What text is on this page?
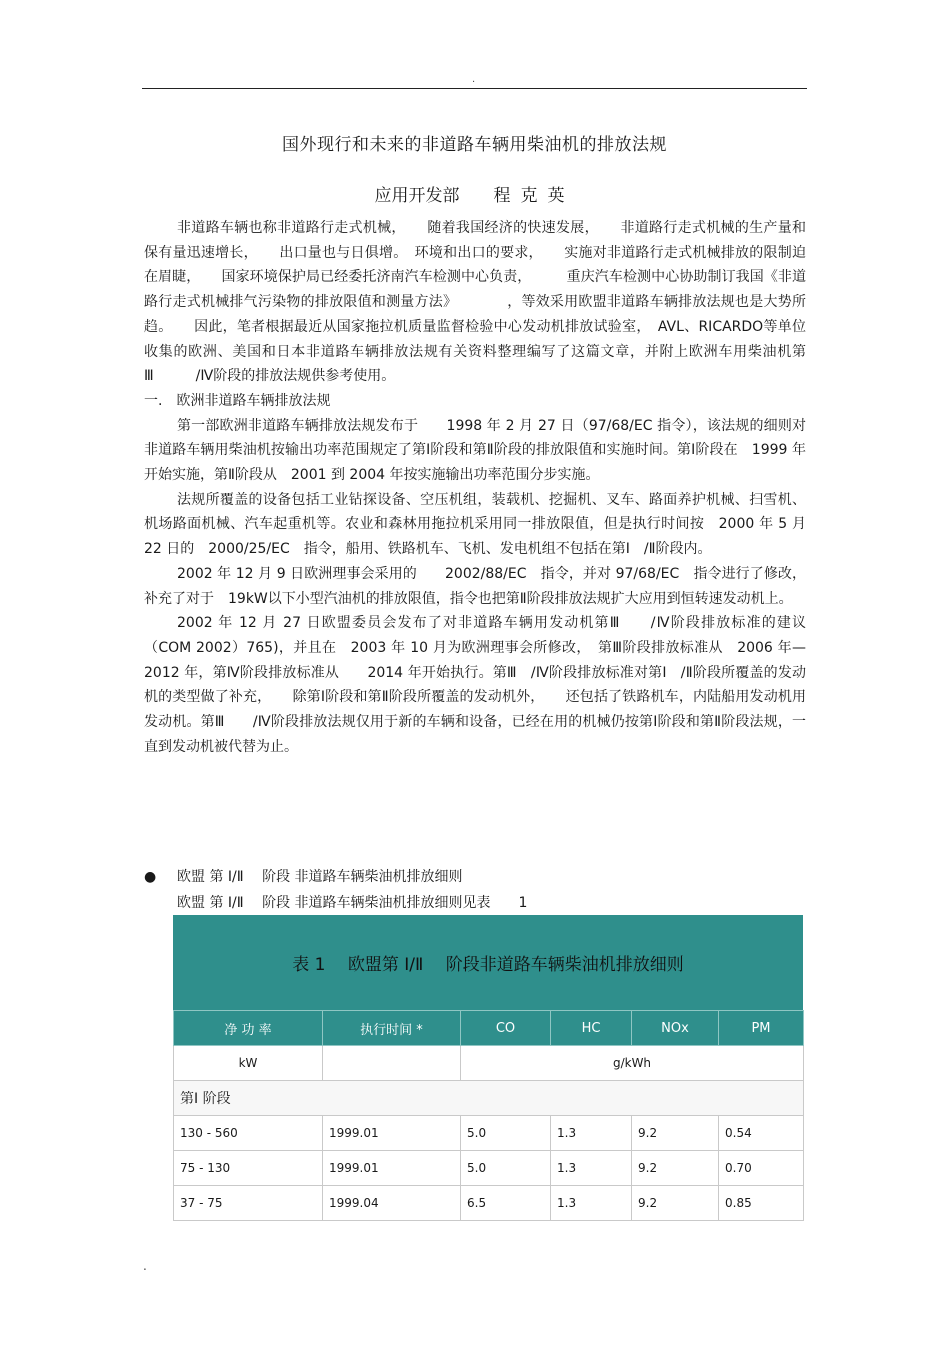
.
国外现行和未来的非道路车辆用柴油机的排放法规
应用开发部 程克英

非道路车辆也称非道路行走式机械，　　随着我国经济的快速发展，　　非道路行走式机械的生产量和保有量迅速增长，　　出口量也与日俱增。　环境和出口的要求，　　实施对非道路行走式机械排放的限制迫在眉睫，　　国家环境保护局已经委托济南汽车检测中心负责，　　　重庆汽车检测中心协助制订我国《非道路行走式机械排气污染物的排放限值和测量方法》　　　　，等效采用欧盟非道路车辆排放法规也是大势所趋。　　因此，笔者根据最近从国家拖拉机质量监督检验中心发动机排放试验室，　AVL、RICARDO等单位收集的欧洲、美国和日本非道路车辆排放法规有关资料整理编写了这篇文章，并附上欧洲车用柴油机第Ⅲ　　　/Ⅳ阶段的排放法规供参考使用。

一.　欧洲非道路车辆排放法规

第一部欧洲非道路车辆排放法规发布于　　1998 年 2 月 27 日（97/68/EC 指令），该法规的细则对非道路车辆用柴油机按输出功率范围规定了第Ⅰ阶段和第Ⅱ阶段的排放限值和实施时间。第Ⅰ阶段在　1999 年开始实施，第Ⅱ阶段从　2001 到 2004 年按实施输出功率范围分步实施。

法规所覆盖的设备包括工业钻探设备、空压机组，装载机、挖掘机、叉车、路面养护机械、扫雪机、机场路面机械、汽车起重机等。农业和森林用拖拉机采用同一排放限值，但是执行时间按　2000 年 5 月 22 日的　2000/25/EC　指令，船用、铁路机车、飞机、发电机组不包括在第Ⅰ　/Ⅱ阶段内。

2002 年 12 月 9 日欧洲理事会采用的　　2002/88/EC　指令，并对 97/68/EC　指令进行了修改，补充了对于　19kW以下小型汽油机的排放限值，指令也把第Ⅱ阶段排放法规扩大应用到恒转速发动机上。

2002 年 12 月 27 日欧盟委员会发布了对非道路车辆用发动机第Ⅲ　　/Ⅳ阶段排放标准的建议（COM 2002）765)，并且在　2003 年 10 月为欧洲理事会所修改，　第Ⅲ阶段排放标准从　2006 年—2012 年，第Ⅳ阶段排放标准从　　2014 年开始执行。第Ⅲ　/Ⅳ阶段排放标准对第Ⅰ　/Ⅱ阶段所覆盖的发动机的类型做了补充，　　除第Ⅰ阶段和第Ⅱ阶段所覆盖的发动机外，　　还包括了铁路机车，内陆船用发动机用发动机。第Ⅲ　　/Ⅳ阶段排放法规仅用于新的车辆和设备，已经在用的机械仍按第Ⅰ阶段和第Ⅱ阶段法规，一直到发动机被代替为止。

●	欧盟 第 Ⅰ/Ⅱ　 阶段 非道路车辆柴油机排放细则
欧盟 第 Ⅰ/Ⅱ　 阶段 非道路车辆柴油机排放细则见表　　1
表 1　 欧盟第 Ⅰ/Ⅱ　 阶段非道路车辆柴油机排放细则
净 功 率	执行时间 *	CO	HC	NOx	PM
kW		g/kWh			
第Ⅰ 阶段					
130 - 560	1999.01	5.0	1.3	9.2	0.54
75 - 130	1999.01	5.0	1.3	9.2	0.70
37 - 75	1999.04	6.5	1.3	9.2	0.85
.
